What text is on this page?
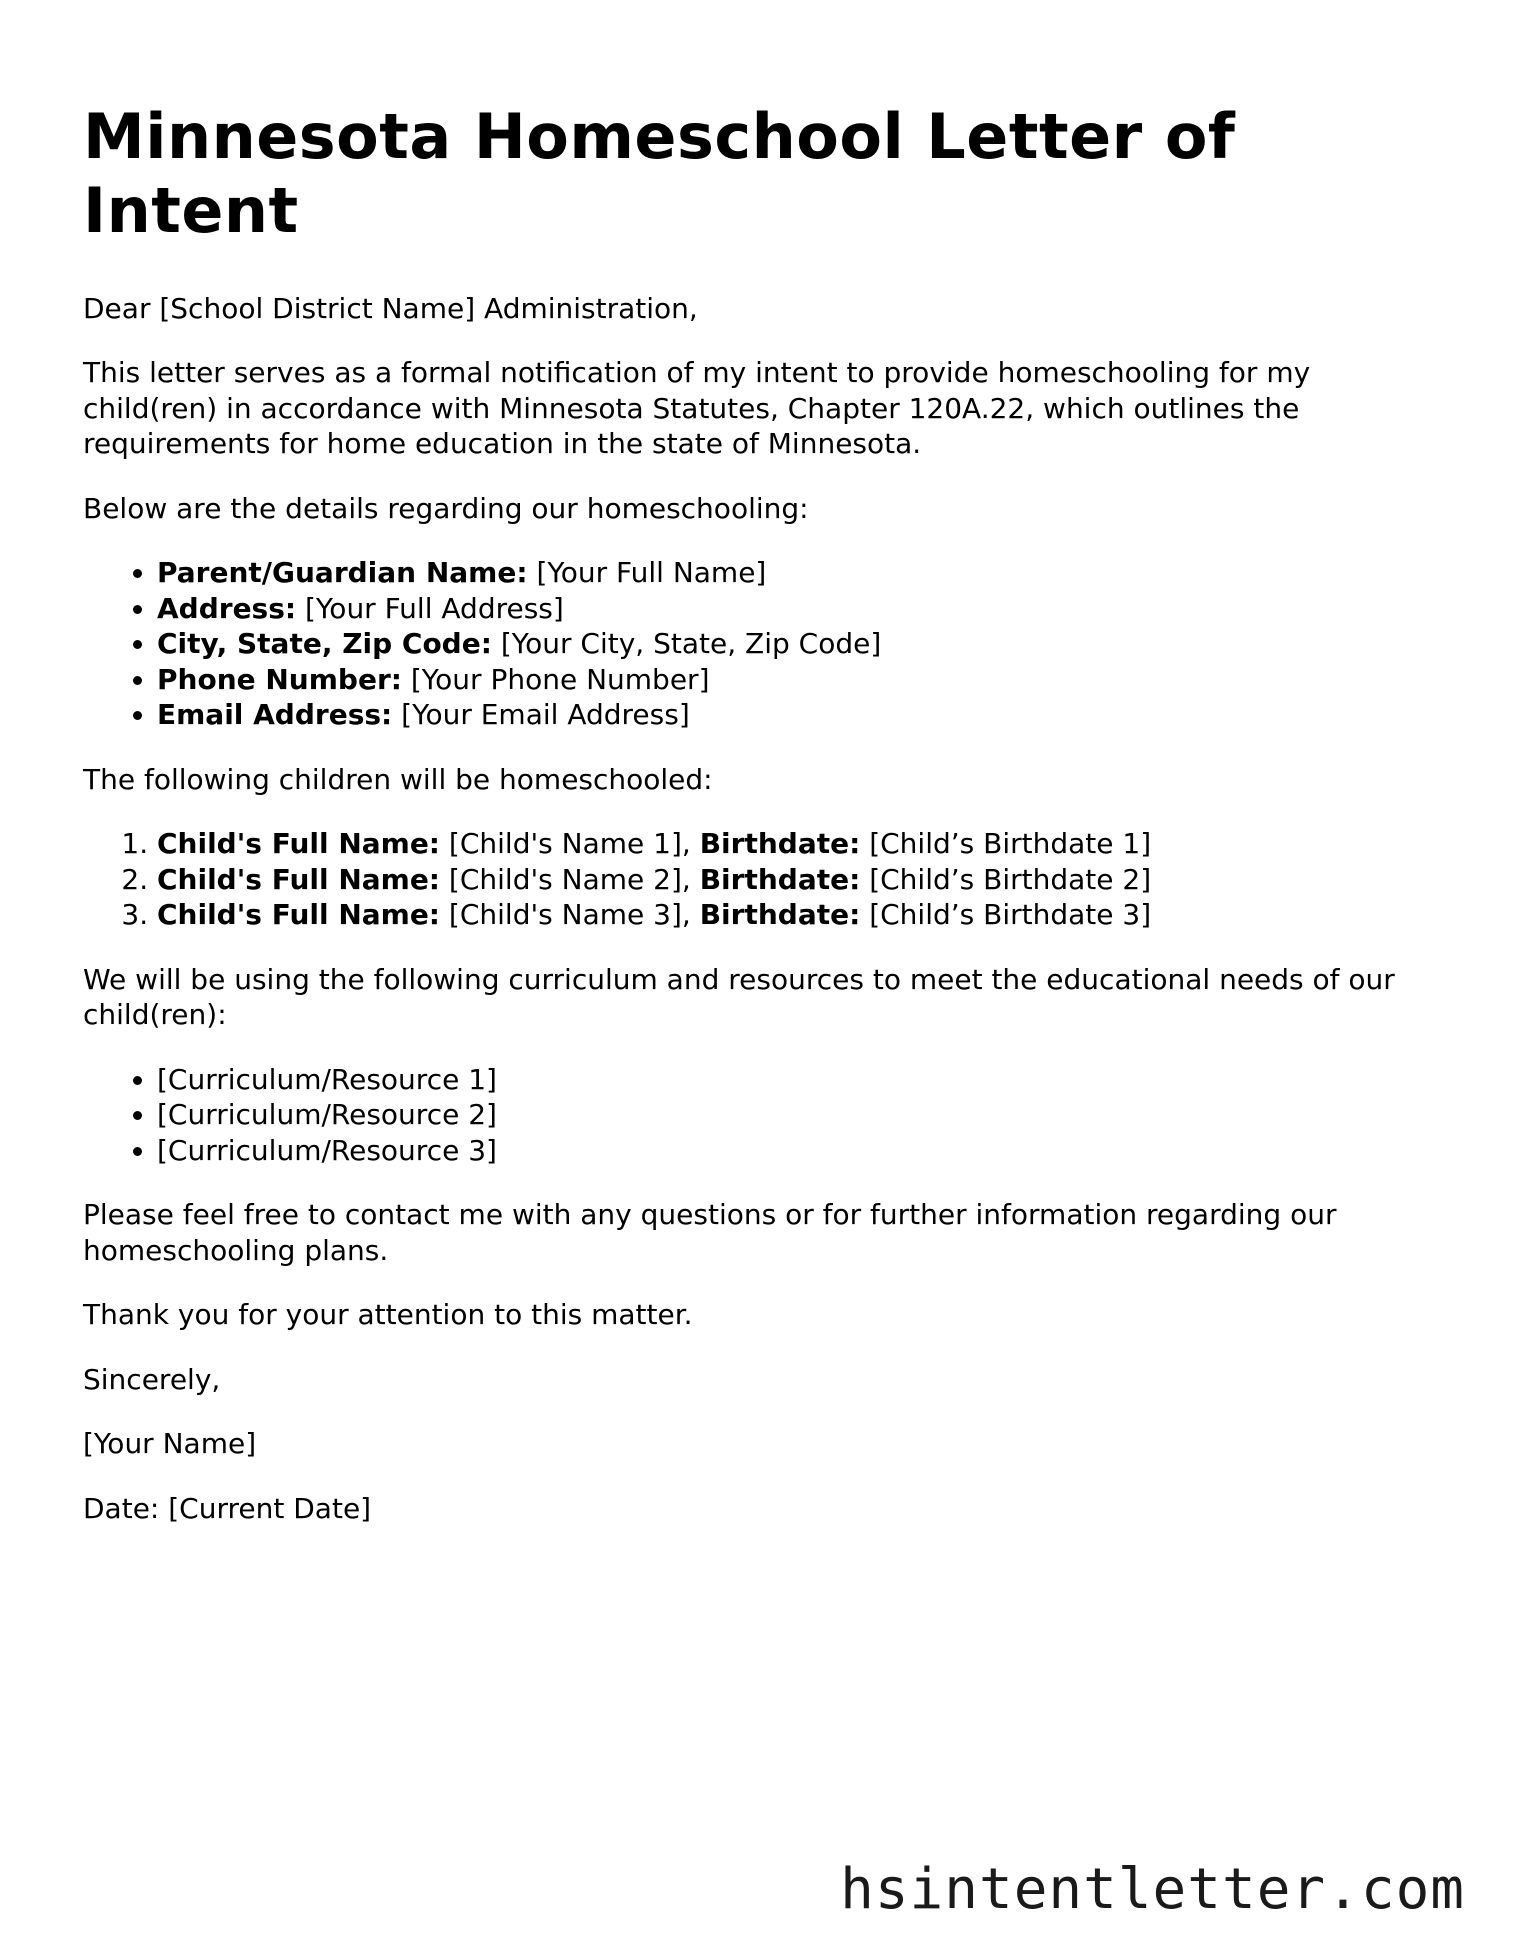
Minnesota Homeschool Letter of Intent

Dear [School District Name] Administration,

This letter serves as a formal notification of my intent to provide homeschooling for my child(ren) in accordance with Minnesota Statutes, Chapter 120A.22, which outlines the requirements for home education in the state of Minnesota.

Below are the details regarding our homeschooling:

• Parent/Guardian Name: [Your Full Name]
• Address: [Your Full Address]
• City, State, Zip Code: [Your City, State, Zip Code]
• Phone Number: [Your Phone Number]
• Email Address: [Your Email Address]

The following children will be homeschooled:

1. Child's Full Name: [Child's Name 1], Birthdate: [Child’s Birthdate 1]
2. Child's Full Name: [Child's Name 2], Birthdate: [Child’s Birthdate 2]
3. Child's Full Name: [Child's Name 3], Birthdate: [Child’s Birthdate 3]

We will be using the following curriculum and resources to meet the educational needs of our child(ren):

• [Curriculum/Resource 1]
• [Curriculum/Resource 2]
• [Curriculum/Resource 3]

Please feel free to contact me with any questions or for further information regarding our homeschooling plans.

Thank you for your attention to this matter.

Sincerely,

[Your Name]

Date: [Current Date]

hsintentletter.com
